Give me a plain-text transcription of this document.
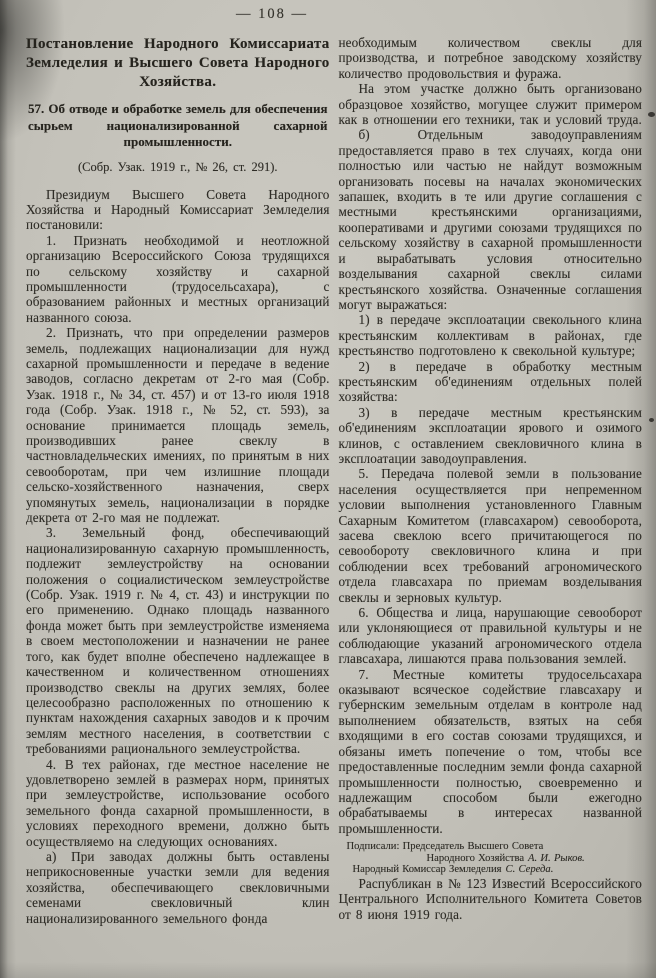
— 108 —
Постановление Народного Комиссариата Земледелия и Высшего Совета Народного Хозяйства.
57. Об отводе и обработке земель для обеспечения сырьем национализированной сахарной промышленности.
(Собр. Узак. 1919 г., № 26, ст. 291).

Президиум Высшего Совета Народного Хозяйства и Народный Комиссариат Земледелия постановили:

1. Признать необходимой и неотложной организацию Всероссийского Союза трудящихся по сельскому хозяйству и сахарной промышленности (трудосельсахара), с образованием районных и местных организаций названного союза.

2. Признать, что при определении размеров земель, подлежащих национализации для нужд сахарной промышленности и передаче в ведение заводов, согласно декретам от 2-го мая (Собр. Узак. 1918 г., № 34, ст. 457) и от 13-го июля 1918 года (Собр. Узак. 1918 г., № 52, ст. 593), за основание принимается площадь земель, производивших ранее свеклу в частновладельческих имениях, по принятым в них севооборотам, при чем излишние площади сельско-хозяйственного назначения, сверх упомянутых земель, национализации в порядке декрета от 2-го мая не подлежат.

3. Земельный фонд, обеспечивающий национализированную сахарную промышленность, подлежит землеустройству на основании положения о социалистическом землеустройстве (Собр. Узак. 1919 г. № 4, ст. 43) и инструкции по его применению. Однако площадь названного фонда может быть при землеустройстве изменяема в своем местоположении и назначении не ранее того, как будет вполне обеспечено надлежащее в качественном и количественном отношениях производство свеклы на других землях, более целесообразно расположенных по отношению к пунктам нахождения сахарных заводов и к прочим землям местного населения, в соответствии с требованиями рационального землеустройства.

4. В тех районах, где местное население не удовлетворено землей в размерах норм, принятых при землеустройстве, использование особого земельного фонда сахарной промышленности, в условиях переходного времени, должно быть осуществляемо на следующих основаниях.

а) При заводах должны быть оставлены неприкосновенные участки земли для ведения хозяйства, обеспечивающего свекловичными семенами свекловичный клин национализированного земельного фонда

необходимым количеством свеклы для производства, и потребное заводскому хозяйству количество продовольствия и фуража.

На этом участке должно быть организовано образцовое хозяйство, могущее служит примером как в отношении его техники, так и условий труда.

б) Отдельным заводоуправлениям предоставляется право в тех случаях, когда они полностью или частью не найдут возможным организовать посевы на началах экономических запашек, входить в те или другие соглашения с местными крестьянскими организациями, кооперативами и другими союзами трудящихся по сельскому хозяйству в сахарной промышленности и вырабатывать условия относительно возделывания сахарной свеклы силами крестьянского хозяйства. Означенные соглашения могут выражаться:

1) в передаче эксплоатации свекольного клина крестьянским коллективам в районах, где крестьянство подготовлено к свекольной культуре;

2) в передаче в обработку местным крестьянским об'единениям отдельных полей хозяйства:

3) в передаче местным крестьянским об'единениям эксплоатации ярового и озимого клинов, с оставлением свекловичного клина в эксплоатации заводоуправления.

5. Передача полевой земли в пользование населения осуществляется при непременном условии выполнения установленного Главным Сахарным Комитетом (главсахаром) севооборота, засева свеклою всего причитающегося по севообороту свекловичного клина и при соблюдении всех требований агрономического отдела главсахара по приемам возделывания свеклы и зерновых культур.

6. Общества и лица, нарушающие севооборот или уклоняющиеся от правильной культуры и не соблюдающие указаний агрономического отдела главсахара, лишаются права пользования землей.

7. Местные комитеты трудосельсахара оказывают всяческое содействие главсахару и губернским земельным отделам в контроле над выполнением обязательств, взятых на себя входящими в его состав союзами трудящихся, и обязаны иметь попечение о том, чтобы все предоставленные последним земли фонда сахарной промышленности полностью, своевременно и надлежащим способом были ежегодно обрабатываемы в интересах названной промышленности.

Подписали: Председатель Высшего Совета
Народного Хозяйства А. И. Рыков.
Народный Комиссар Земледелия С. Середа.

Распубликан в № 123 Известий Всероссийского Центрального Исполнительного Комитета Советов от 8 июня 1919 года.
